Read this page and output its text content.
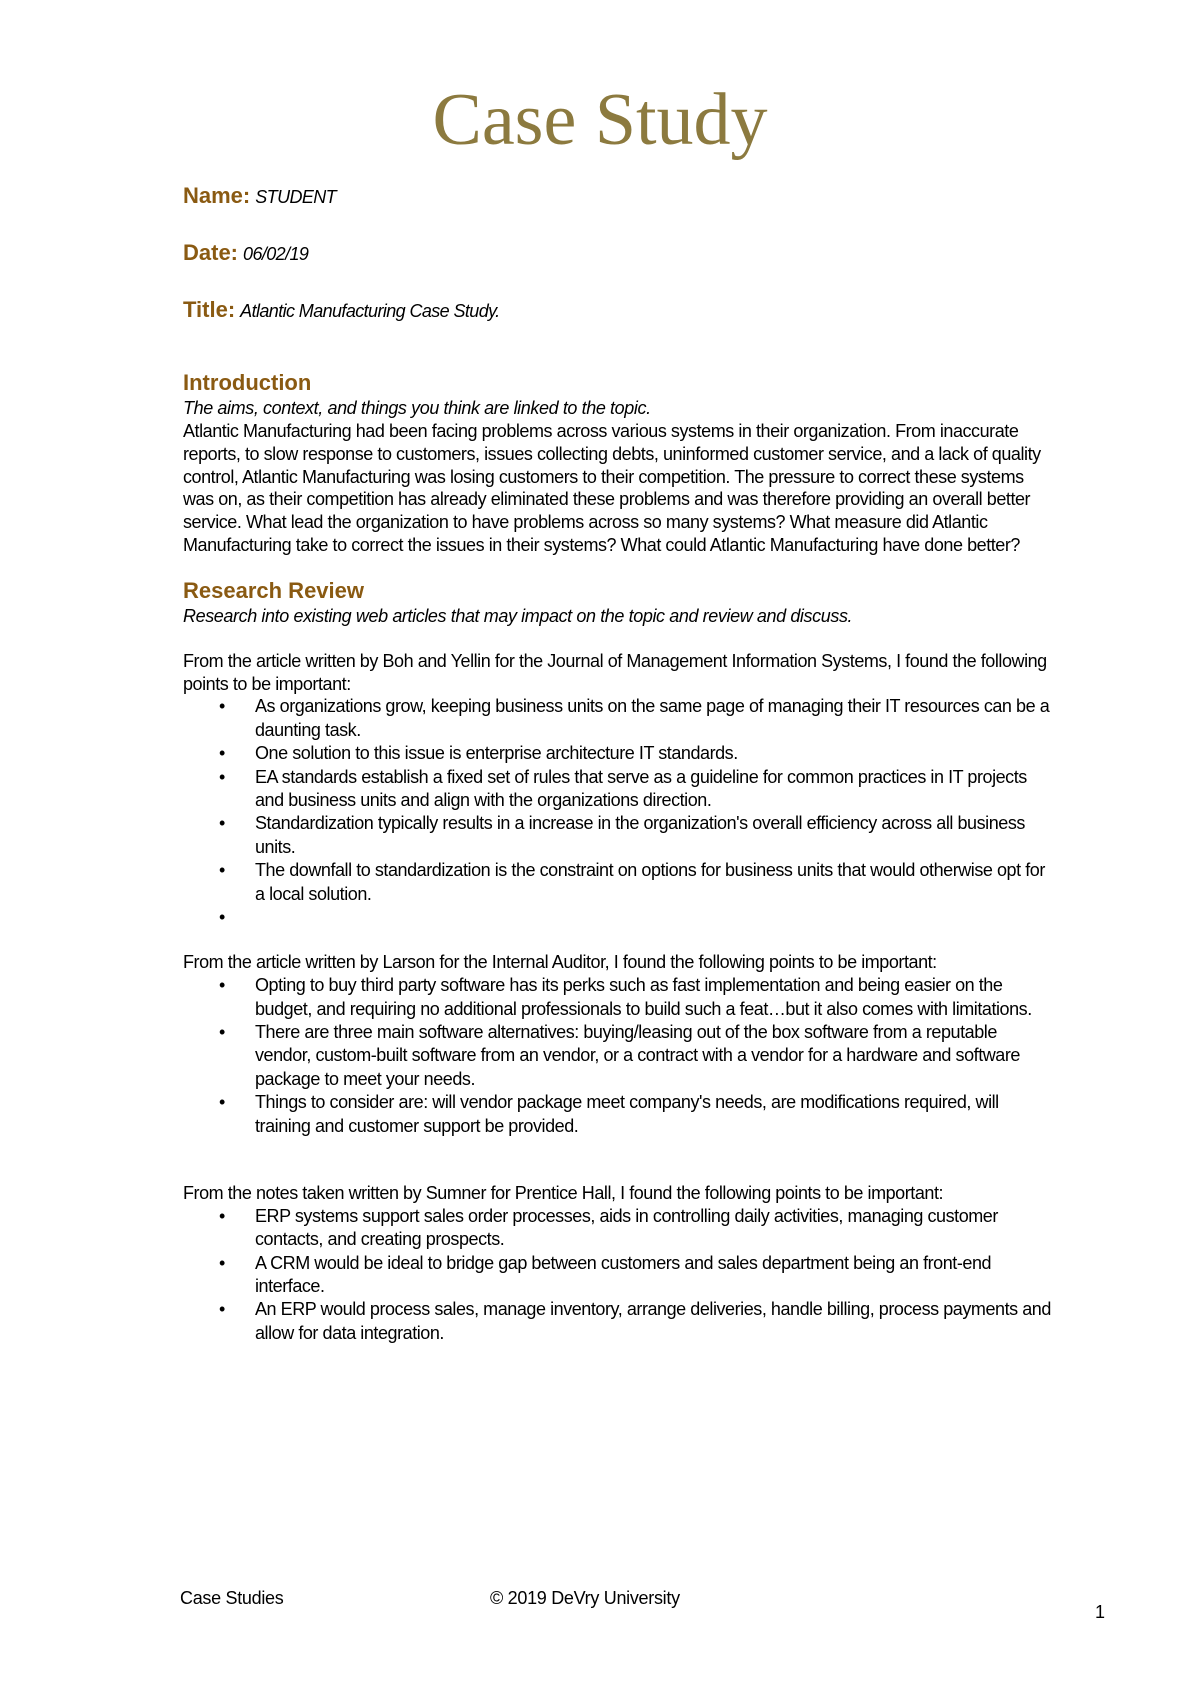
Case Study

Name: STUDENT

Date: 06/02/19

Title: Atlantic Manufacturing Case Study.

Introduction

The aims, context, and things you think are linked to the topic.

Atlantic Manufacturing had been facing problems across various systems in their organization. From inaccurate reports, to slow response to customers, issues collecting debts, uninformed customer service, and a lack of quality control, Atlantic Manufacturing was losing customers to their competition. The pressure to correct these systems was on, as their competition has already eliminated these problems and was therefore providing an overall better service. What lead the organization to have problems across so many systems? What measure did Atlantic Manufacturing take to correct the issues in their systems? What could Atlantic Manufacturing have done better?

Research Review

Research into existing web articles that may impact on the topic and review and discuss.

From the article written by Boh and Yellin for the Journal of Management Information Systems, I found the following points to be important:

• As organizations grow, keeping business units on the same page of managing their IT resources can be a daunting task.
• One solution to this issue is enterprise architecture IT standards.
• EA standards establish a fixed set of rules that serve as a guideline for common practices in IT projects and business units and align with the organizations direction.
• Standardization typically results in a increase in the organization's overall efficiency across all business units.
• The downfall to standardization is the constraint on options for business units that would otherwise opt for a local solution.
•

From the article written by Larson for the Internal Auditor, I found the following points to be important:

• Opting to buy third party software has its perks such as fast implementation and being easier on the budget, and requiring no additional professionals to build such a feat…but it also comes with limitations.
• There are three main software alternatives: buying/leasing out of the box software from a reputable vendor, custom-built software from an vendor, or a contract with a vendor for a hardware and software package to meet your needs.
• Things to consider are: will vendor package meet company's needs, are modifications required, will training and customer support be provided.

From the notes taken written by Sumner for Prentice Hall, I found the following points to be important:

• ERP systems support sales order processes, aids in controlling daily activities, managing customer contacts, and creating prospects.
• A CRM would be ideal to bridge gap between customers and sales department being an front-end interface.
• An ERP would process sales, manage inventory, arrange deliveries, handle billing, process payments and allow for data integration.
Case Studies	© 2019 DeVry University
1
